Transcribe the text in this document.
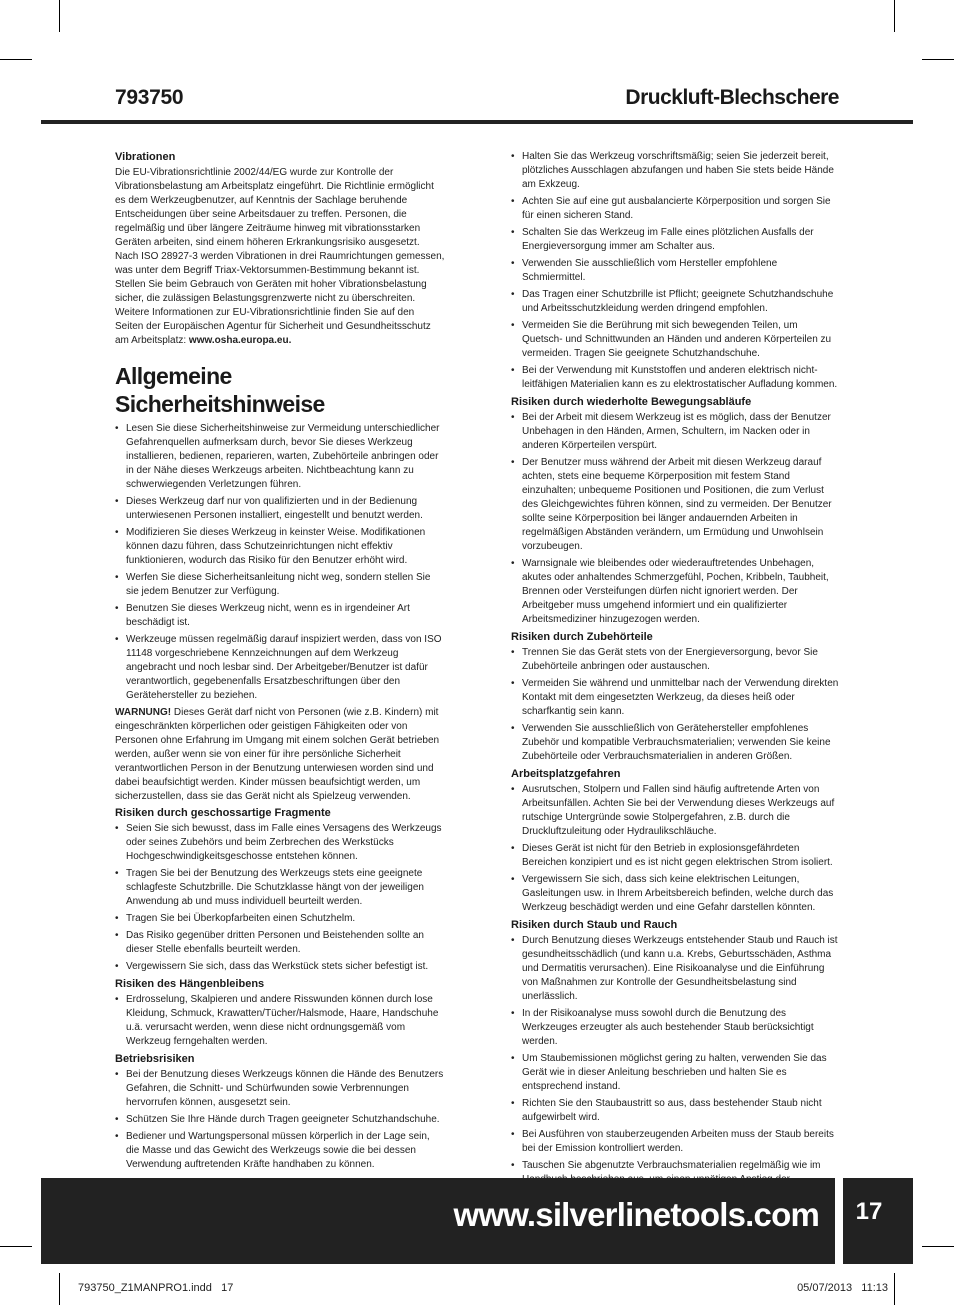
793750	Druckluft-Blechschere
Vibrationen

Die EU-Vibrationsrichtlinie 2002/44/EG wurde zur Kontrolle der Vibrationsbelastung am Arbeitsplatz eingeführt. Die Richtlinie ermöglicht es dem Werkzeugbenutzer, auf Kenntnis der Sachlage beruhende Entscheidungen über seine Arbeitsdauer zu treffen. Personen, die regelmäßig und über längere Zeiträume hinweg mit vibrationsstarken Geräten arbeiten, sind einem höheren Erkrankungsrisiko ausgesetzt. Nach ISO 28927-3 werden Vibrationen in drei Raumrichtungen gemessen, was unter dem Begriff Triax-Vektorsummen-Bestimmung bekannt ist. Stellen Sie beim Gebrauch von Geräten mit hoher Vibrationsbelastung sicher, die zulässigen Belastungsgrenzwerte nicht zu überschreiten. Weitere Informationen zur EU-Vibrationsrichtlinie finden Sie auf den Seiten der Europäischen Agentur für Sicherheit und Gesundheitsschutz am Arbeitsplatz: www.osha.europa.eu.

Allgemeine Sicherheitshinweise
• Lesen Sie diese Sicherheitshinweise zur Vermeidung unterschiedlicher Gefahrenquellen aufmerksam durch, bevor Sie dieses Werkzeug installieren, bedienen, reparieren, warten, Zubehörteile anbringen oder in der Nähe dieses Werkzeugs arbeiten. Nichtbeachtung kann zu schwerwiegenden Verletzungen führen.
• Dieses Werkzeug darf nur von qualifizierten und in der Bedienung unterwiesenen Personen installiert, eingestellt und benutzt werden.
• Modifizieren Sie dieses Werkzeug in keinster Weise. Modifikationen können dazu führen, dass Schutzeinrichtungen nicht effektiv funktionieren, wodurch das Risiko für den Benutzer erhöht wird.
• Werfen Sie diese Sicherheitsanleitung nicht weg, sondern stellen Sie sie jedem Benutzer zur Verfügung.
• Benutzen Sie dieses Werkzeug nicht, wenn es in irgendeiner Art beschädigt ist.
• Werkzeuge müssen regelmäßig darauf inspiziert werden, dass von ISO 11148 vorgeschriebene Kennzeichnungen auf dem Werkzeug angebracht und noch lesbar sind. Der Arbeitgeber/Benutzer ist dafür verantwortlich, gegebenenfalls Ersatzbeschriftungen über den Gerätehersteller zu beziehen.

WARNUNG! Dieses Gerät darf nicht von Personen (wie z.B. Kindern) mit eingeschränkten körperlichen oder geistigen Fähigkeiten oder von Personen ohne Erfahrung im Umgang mit einem solchen Gerät betrieben werden, außer wenn sie von einer für ihre persönliche Sicherheit verantwortlichen Person in der Benutzung unterwiesen worden sind und dabei beaufsichtigt werden. Kinder müssen beaufsichtigt werden, um sicherzustellen, dass sie das Gerät nicht als Spielzeug verwenden.

Risiken durch geschossartige Fragmente
• Seien Sie sich bewusst, dass im Falle eines Versagens des Werkzeugs oder seines Zubehörs und beim Zerbrechen des Werkstücks Hochgeschwindigkeitsgeschosse entstehen können.
• Tragen Sie bei der Benutzung des Werkzeugs stets eine geeignete schlagfeste Schutzbrille. Die Schutzklasse hängt von der jeweiligen Anwendung ab und muss individuell beurteilt werden.
• Tragen Sie bei Überkopfarbeiten einen Schutzhelm.
• Das Risiko gegenüber dritten Personen und Beistehenden sollte an dieser Stelle ebenfalls beurteilt werden.
• Vergewissern Sie sich, dass das Werkstück stets sicher befestigt ist.
Risiken des Hängenbleibens
• Erdrosselung, Skalpieren und andere Risswunden können durch lose Kleidung, Schmuck, Krawatten/Tücher/Halsmode, Haare, Handschuhe u.ä. verursacht werden, wenn diese nicht ordnungsgemäß vom Werkzeug ferngehalten werden.
Betriebsrisiken
• Bei der Benutzung dieses Werkzeugs können die Hände des Benutzers Gefahren, die Schnitt- und Schürfwunden sowie Verbrennungen hervorrufen können, ausgesetzt sein.
• Schützen Sie Ihre Hände durch Tragen geeigneter Schutzhandschuhe.
• Bediener und Wartungspersonal müssen körperlich in der Lage sein, die Masse und das Gewicht des Werkzeugs sowie die bei dessen Verwendung auftretenden Kräfte handhaben zu können.
• Halten Sie das Werkzeug vorschriftsmäßig; seien Sie jederzeit bereit, plötzliches Ausschlagen abzufangen und haben Sie stets beide Hände am Exkzeug.
• Achten Sie auf eine gut ausbalancierte Körperposition und sorgen Sie für einen sicheren Stand.
• Schalten Sie das Werkzeug im Falle eines plötzlichen Ausfalls der Energieversorgung immer am Schalter aus.
• Verwenden Sie ausschließlich vom Hersteller empfohlene Schmiermittel.
• Das Tragen einer Schutzbrille ist Pflicht; geeignete Schutzhandschuhe und Arbeitsschutzkleidung werden dringend empfohlen.
• Vermeiden Sie die Berührung mit sich bewegenden Teilen, um Quetsch- und Schnittwunden an Händen und anderen Körperteilen zu vermeiden. Tragen Sie geeignete Schutzhandschuhe.
• Bei der Verwendung mit Kunststoffen und anderen elektrisch nicht-leitfähigen Materialien kann es zu elektrostatischer Aufladung kommen.
Risiken durch wiederholte Bewegungsabläufe
• Bei der Arbeit mit diesem Werkzeug ist es möglich, dass der Benutzer Unbehagen in den Händen, Armen, Schultern, im Nacken oder in anderen Körperteilen verspürt.
• Der Benutzer muss während der Arbeit mit diesen Werkzeug darauf achten, stets eine bequeme Körperposition mit festem Stand einzuhalten; unbequeme Positionen und Positionen, die zum Verlust des Gleichgewichtes führen können, sind zu vermeiden. Der Benutzer sollte seine Körperposition bei länger andauernden Arbeiten in regelmäßigen Abständen verändern, um Ermüdung und Unwohlsein vorzubeugen.
• Warnsignale wie bleibendes oder wiederauftretendes Unbehagen, akutes oder anhaltendes Schmerzgefühl, Pochen, Kribbeln, Taubheit, Brennen oder Versteifungen dürfen nicht ignoriert werden. Der Arbeitgeber muss umgehend informiert und ein qualifizierter Arbeitsmediziner hinzugezogen werden.
Risiken durch Zubehörteile
• Trennen Sie das Gerät stets von der Energieversorgung, bevor Sie Zubehörteile anbringen oder austauschen.
• Vermeiden Sie während und unmittelbar nach der Verwendung direkten Kontakt mit dem eingesetzten Werkzeug, da dieses heiß oder scharfkantig sein kann.
• Verwenden Sie ausschließlich von Gerätehersteller empfohlenes Zubehör und kompatible Verbrauchsmaterialien; verwenden Sie keine Zubehörteile oder Verbrauchsmaterialien in anderen Größen.
Arbeitsplatzgefahren
• Ausrutschen, Stolpern und Fallen sind häufig auftretende Arten von Arbeitsunfällen. Achten Sie bei der Verwendung dieses Werkzeugs auf rutschige Untergründe sowie Stolpergefahren, z.B. durch die Druckluftzuleitung oder Hydraulikschläuche.
• Dieses Gerät ist nicht für den Betrieb in explosionsgefährdeten Bereichen konzipiert und es ist nicht gegen elektrischen Strom isoliert.
• Vergewissern Sie sich, dass sich keine elektrischen Leitungen, Gasleitungen usw. in Ihrem Arbeitsbereich befinden, welche durch das Werkzeug beschädigt werden und eine Gefahr darstellen könnten.
Risiken durch Staub und Rauch
• Durch Benutzung dieses Werkzeugs entstehender Staub und Rauch ist gesundheitsschädlich (und kann u.a. Krebs, Geburtsschäden, Asthma und Dermatitis verursachen). Eine Risikoanalyse und die Einführung von Maßnahmen zur Kontrolle der Gesundheitsbelastung sind unerlässlich.
• In der Risikoanalyse muss sowohl durch die Benutzung des Werkzeuges erzeugter als auch bestehender Staub berücksichtigt werden.
• Um Staubemissionen möglichst gering zu halten, verwenden Sie das Gerät wie in dieser Anleitung beschrieben und halten Sie es entsprechend instand.
• Richten Sie den Staubaustritt so aus, dass bestehender Staub nicht aufgewirbelt wird.
• Bei Ausführen von stauberzeugenden Arbeiten muss der Staub bereits bei der Emission kontrolliert werden.
• Tauschen Sie abgenutzte Verbrauchsmaterialien regelmäßig wie im
www.silverlinetools.com	17
793750_Z1MANPRO1.indd   17	05/07/2013   11:13
